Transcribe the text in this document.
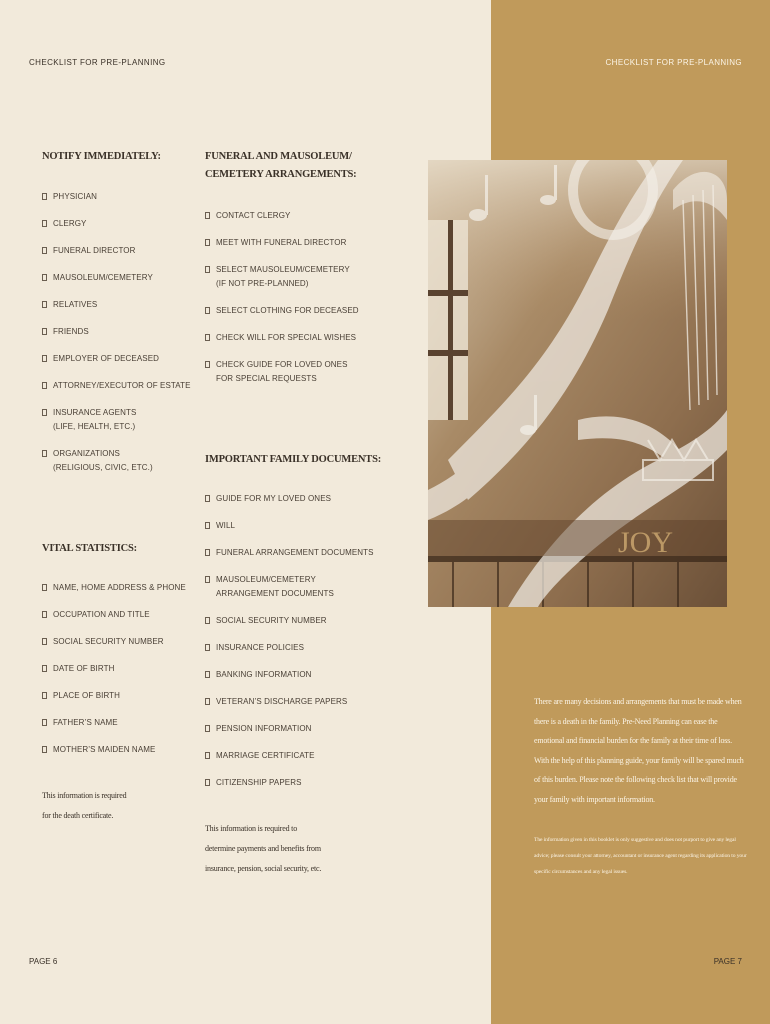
CHECKLIST FOR PRE-PLANNING	CHECKLIST FOR PRE-PLANNING
NOTIFY IMMEDIATELY:
PHYSICIAN
CLERGY
FUNERAL DIRECTOR
MAUSOLEUM/CEMETERY
RELATIVES
FRIENDS
EMPLOYER OF DECEASED
ATTORNEY/EXECUTOR OF ESTATE
INSURANCE AGENTS
(LIFE, HEALTH, ETC.)
ORGANIZATIONS
(RELIGIOUS, CIVIC, ETC.)
VITAL STATISTICS:
NAME, HOME ADDRESS & PHONE
OCCUPATION AND TITLE
SOCIAL SECURITY NUMBER
DATE OF BIRTH
PLACE OF BIRTH
FATHER’S NAME
MOTHER’S MAIDEN NAME
This information is required
for the death certificate.
FUNERAL AND MAUSOLEUM/
CEMETERY ARRANGEMENTS:
CONTACT CLERGY
MEET WITH FUNERAL DIRECTOR
SELECT MAUSOLEUM/CEMETERY
(IF NOT PRE-PLANNED)
SELECT CLOTHING FOR DECEASED
CHECK WILL FOR SPECIAL WISHES
CHECK GUIDE FOR LOVED ONES
FOR SPECIAL REQUESTS
IMPORTANT FAMILY DOCUMENTS:
GUIDE FOR MY LOVED ONES
WILL
FUNERAL ARRANGEMENT DOCUMENTS
MAUSOLEUM/CEMETERY
ARRANGEMENT DOCUMENTS
SOCIAL SECURITY NUMBER
INSURANCE POLICIES
BANKING INFORMATION
VETERAN’S DISCHARGE PAPERS
PENSION INFORMATION
MARRIAGE CERTIFICATE
CITIZENSHIP PAPERS
This information is required to
determine payments and benefits from
insurance, pension, social security, etc.
JOY
There are many decisions and arrangements that must be made when there is a death in the family. Pre-Need Planning can ease the emotional and financial burden for the family at their time of loss. With the help of this planning guide, your family will be spared much of this burden. Please note the following check list that will provide your family with important information.
The information given in this booklet is only suggestive and does not purport to give any legal advice; please consult your attorney, accountant or insurance agent regarding its application to your specific circumstances and any legal issues.
PAGE 6	PAGE 7
